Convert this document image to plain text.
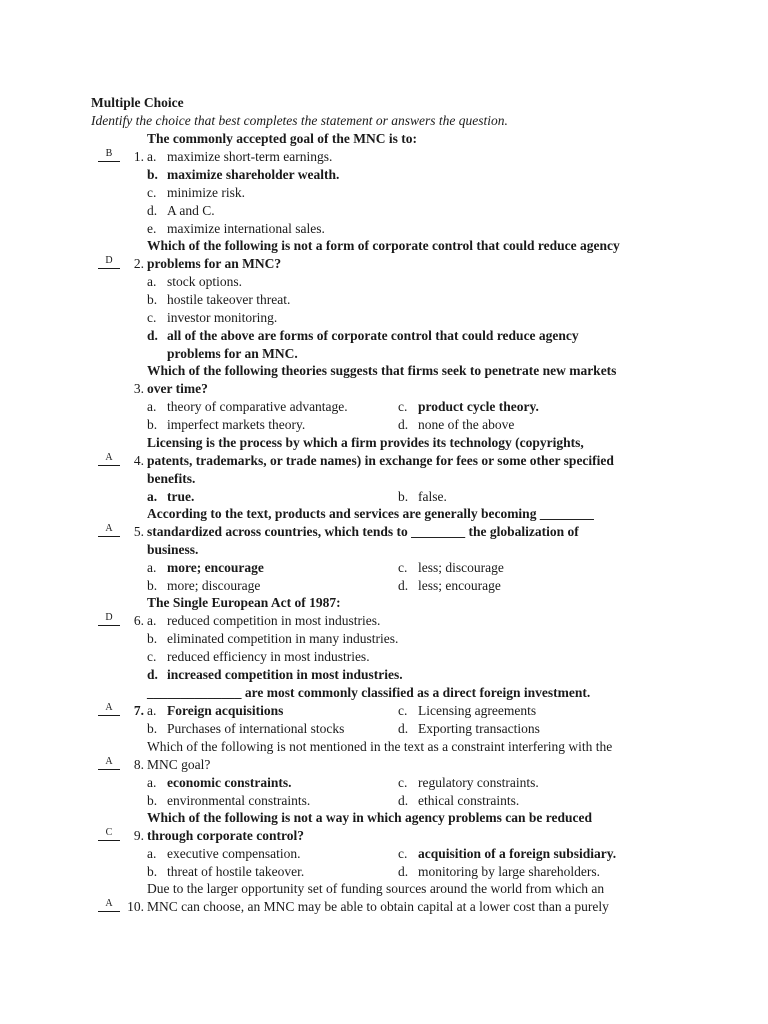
Multiple Choice
Identify the choice that best completes the statement or answers the question.
The commonly accepted goal of the MNC is to:
B	1. a. maximize short-term earnings.
b. maximize shareholder wealth.
c. minimize risk.
d. A and C.
e. maximize international sales.
Which of the following is not a form of corporate control that could reduce agency
D	2. problems for an MNC?
a. stock options.
b. hostile takeover threat.
c. investor monitoring.
d. all of the above are forms of corporate control that could reduce agency
problems for an MNC.
Which of the following theories suggests that firms seek to penetrate new markets
3. over time?
a. theory of comparative advantage.	c. product cycle theory.
b. imperfect markets theory.	d. none of the above
Licensing is the process by which a firm provides its technology (copyrights,
A	4. patents, trademarks, or trade names) in exchange for fees or some other specified
benefits.
a. true.	b. false.
According to the text, products and services are generally becoming ________
A	5. standardized across countries, which tends to ________ the globalization of
business.
a. more; encourage	c. less; discourage
b. more; discourage	d. less; encourage
The Single European Act of 1987:
D	6. a. reduced competition in most industries.
b. eliminated competition in many industries.
c. reduced efficiency in most industries.
d. increased competition in most industries.
______________ are most commonly classified as a direct foreign investment.
A	7. a. Foreign acquisitions	c. Licensing agreements
b. Purchases of international stocks	d. Exporting transactions
Which of the following is not mentioned in the text as a constraint interfering with the
A	8. MNC goal?
a. economic constraints.	c. regulatory constraints.
b. environmental constraints.	d. ethical constraints.
Which of the following is not a way in which agency problems can be reduced
C	9. through corporate control?
a. executive compensation.	c. acquisition of a foreign subsidiary.
b. threat of hostile takeover.	d. monitoring by large shareholders.
Due to the larger opportunity set of funding sources around the world from which an
A	10. MNC can choose, an MNC may be able to obtain capital at a lower cost than a purely
